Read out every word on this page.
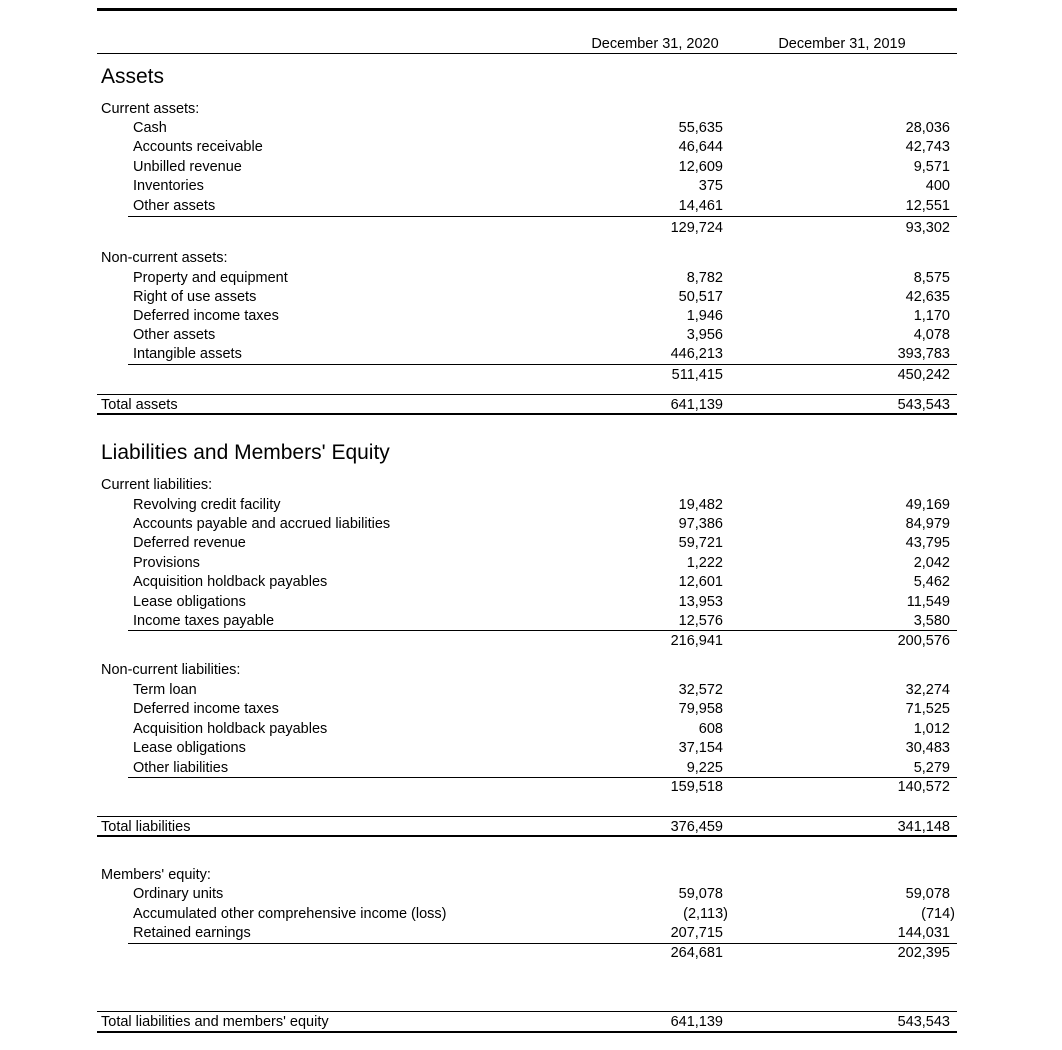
December 31, 2020	December 31, 2019
Assets
Current assets:
Cash	55,635	28,036
Accounts receivable	46,644	42,743
Unbilled revenue	12,609	9,571
Inventories	375	400
Other assets	14,461	12,551
129,724	93,302
Non-current assets:
Property and equipment	8,782	8,575
Right of use assets	50,517	42,635
Deferred income taxes	1,946	1,170
Other assets	3,956	4,078
Intangible assets	446,213	393,783
511,415	450,242
Total assets	641,139	543,543
Liabilities and Members' Equity
Current liabilities:
Revolving credit facility	19,482	49,169
Accounts payable and accrued liabilities	97,386	84,979
Deferred revenue	59,721	43,795
Provisions	1,222	2,042
Acquisition holdback payables	12,601	5,462
Lease obligations	13,953	11,549
Income taxes payable	12,576	3,580
216,941	200,576
Non-current liabilities:
Term loan	32,572	32,274
Deferred income taxes	79,958	71,525
Acquisition holdback payables	608	1,012
Lease obligations	37,154	30,483
Other liabilities	9,225	5,279
159,518	140,572
Total liabilities	376,459	341,148
Members' equity:
Ordinary units	59,078	59,078
Accumulated other comprehensive income (loss)	(2,113)	(714)
Retained earnings	207,715	144,031
264,681	202,395
Total liabilities and members' equity	641,139	543,543
